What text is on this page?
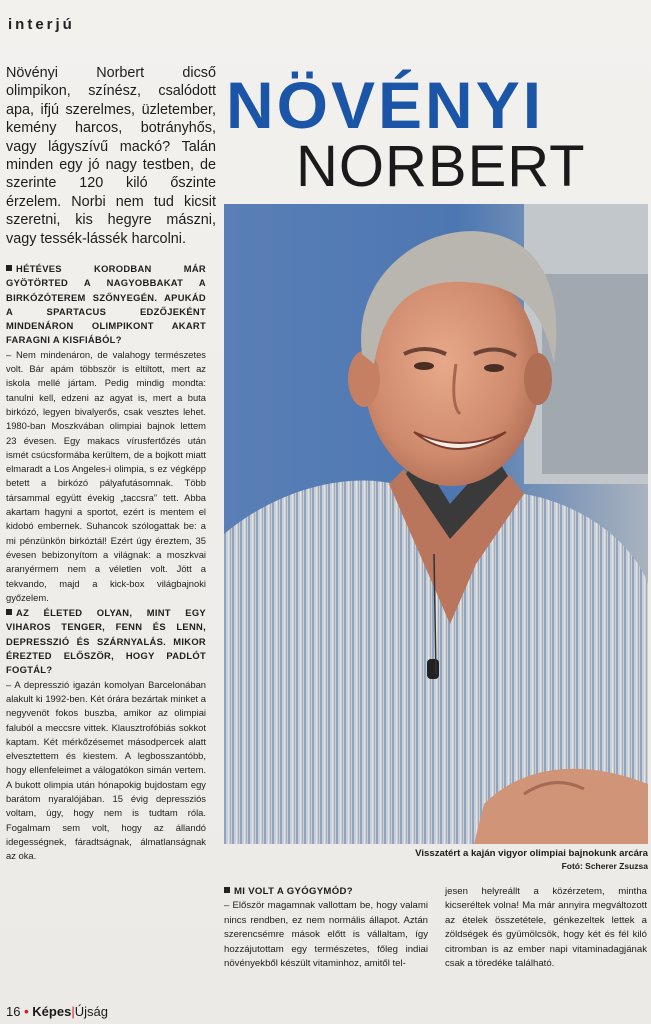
interjú
NÖVÉNYI
NORBERT
Növényi Norbert dicső olimpikon, színész, csalódott apa, ifjú szerelmes, üzletember, kemény harcos, botrányhős, vagy lágyszívű mackó? Talán minden egy jó nagy testben, de szerinte 120 kiló őszinte érzelem. Norbi nem tud kicsit szeretni, kis hegyre mászni, vagy tessék-lássék harcolni.

HÉTÉVES KORODBAN MÁR GYÖTÖRTED A NAGYOBBAKAT A BIRKÓZÓTEREM SZŐNYEGÉN. APUKÁD A SPARTACUS EDZŐJEKÉNT MINDENÁRON OLIMPIKONT AKART FARAGNI A KISFIÁBÓL?

– Nem mindenáron, de valahogy természetes volt. Bár apám többször is eltiltott, mert az iskola mellé jártam. Pedig mindig mondta: tanulni kell, edzeni az agyat is, mert a buta birkózó, legyen bivalyerős, csak vesztes lehet. 1980-ban Moszkvában olimpiai bajnok lettem 23 évesen. Egy makacs vírusfertőzés után ismét csúcsformába kerültem, de a bojkott miatt elmaradt a Los Angeles-i olimpia, s ez végképp betett a birkózó pályafutásomnak. Több társammal együtt évekig „taccsra” tett. Abba akartam hagyni a sportot, ezért is mentem el kidobó embernek. Suhancok szólogattak be: a mi pénzünkön birkóztál! Ezért úgy éreztem, 35 évesen bebizonyítom a világnak: a moszkvai aranyérmem nem a véletlen volt. Jött a tekvando, majd a kick-box világbajnoki győzelem.

AZ ÉLETED OLYAN, MINT EGY VIHAROS TENGER, FENN ÉS LENN, DEPRESSZIÓ ÉS SZÁRNYALÁS. MIKOR ÉREZTED ELŐSZÖR, HOGY PADLÓT FOGTÁL?

– A depresszió igazán komolyan Barcelonában alakult ki 1992-ben. Két órára bezártak minket a negyvenöt fokos buszba, amikor az olimpiai faluból a meccsre vittek. Klausztrofóbiás sokkot kaptam. Két mérkőzésemet másodpercek alatt elvesztettem és kiestem. A legbosszantóbb, hogy ellenfeleimet a válogatókon simán vertem. A bukott olimpia után hónapokig bujdostam egy barátom nyaralójában. 15 évig depressziós voltam, úgy, hogy nem is tudtam róla. Fogalmam sem volt, hogy az állandó idegességnek, fáradtságnak, álmatlanságnak az oka.	Visszatért a kaján vigyor olimpiai bajnokunk arcára
Fotó: Scherer Zsuzsa

MI VOLT A GYÓGYMÓD?

– Először magamnak vallottam be, hogy valami nincs rendben, ez nem normális állapot. Aztán szerencsémre mások előtt is vállaltam, így hozzájutottam egy természetes, főleg indiai növényekből készült vitaminhoz, amitől tel-

jesen helyreállt a közérzetem, mintha kicseréltek volna! Ma már annyira megváltozott az ételek összetétele, génkezeltek lettek a zöldségek és gyümölcsök, hogy két és fél kiló citromban is az ember napi vitaminadagjának csak a töredéke található.

16 • Képes|Újság
